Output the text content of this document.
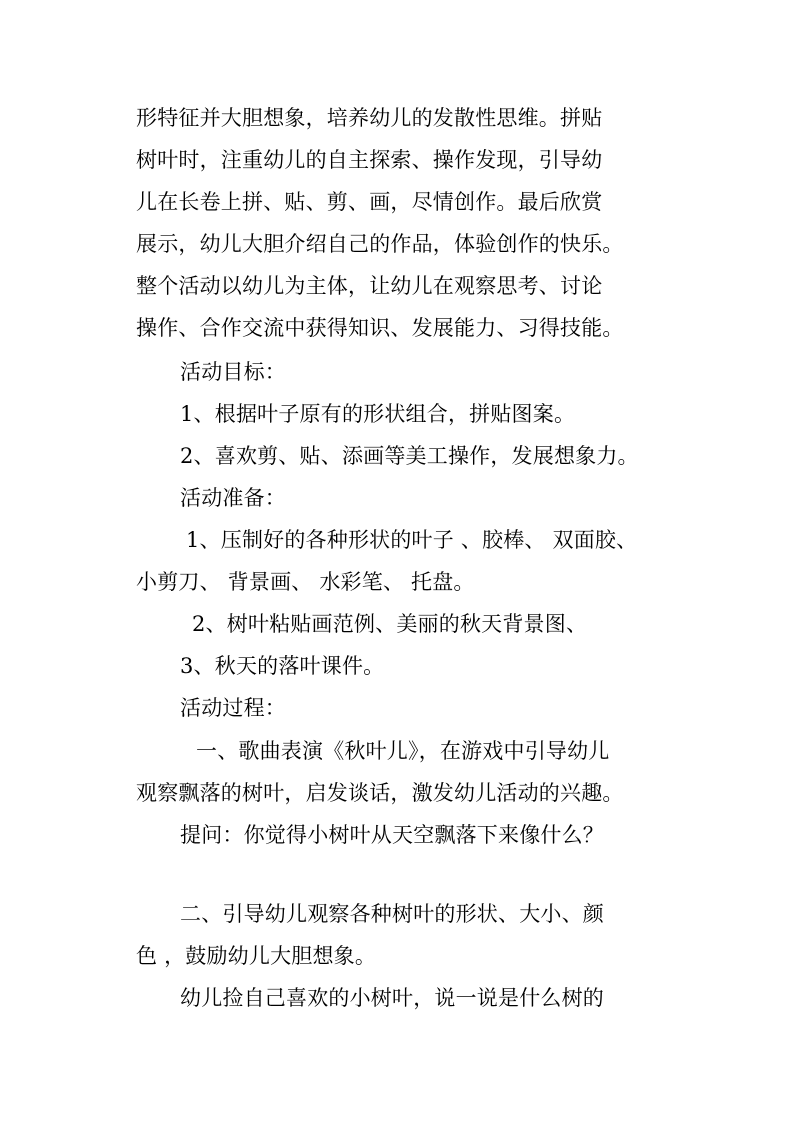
形特征并大胆想象，培养幼儿的发散性思维。拼贴
树叶时，注重幼儿的自主探索、操作发现，引导幼
儿在长卷上拼、贴、剪、画，尽情创作。最后欣赏
展示，幼儿大胆介绍自己的作品，体验创作的快乐。
整个活动以幼儿为主体，让幼儿在观察思考、讨论
操作、合作交流中获得知识、发展能力、习得技能。
活动目标：
1、根据叶子原有的形状组合，拼贴图案。
2、喜欢剪、贴、添画等美工操作，发展想象力。
活动准备：
1、压制好的各种形状的叶子 、胶棒、 双面胶、
小剪刀、 背景画、 水彩笔、 托盘。
2、树叶粘贴画范例、美丽的秋天背景图、
3、秋天的落叶课件。
活动过程：
一、歌曲表演《秋叶儿》，在游戏中引导幼儿
观察飘落的树叶，启发谈话，激发幼儿活动的兴趣。
提问：你觉得小树叶从天空飘落下来像什么？
二、引导幼儿观察各种树叶的形状、大小、颜
色 ，鼓励幼儿大胆想象。
幼儿捡自己喜欢的小树叶，说一说是什么树的
